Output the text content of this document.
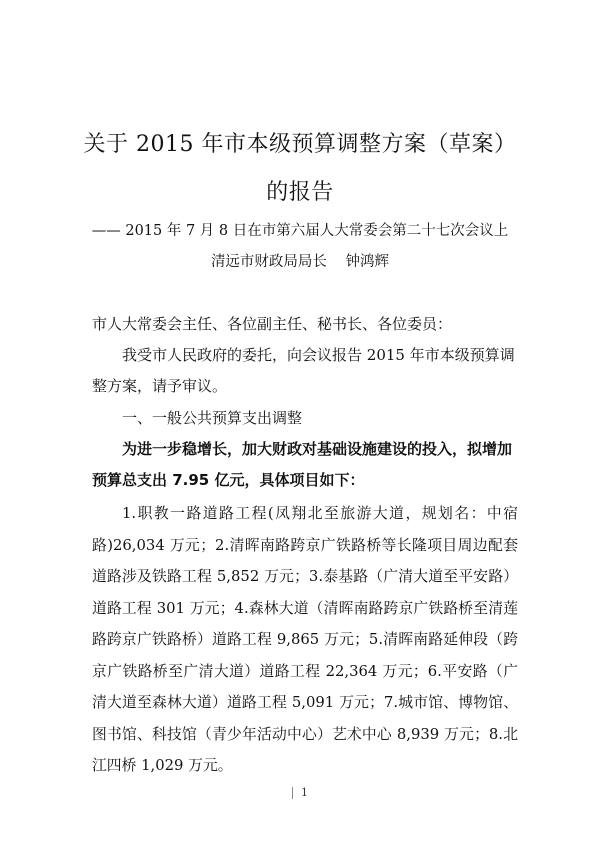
关于 2015 年市本级预算调整方案（草案）
的报告
—— 2015 年 7 月 8 日在市第六届人大常委会第二十七次会议上
清远市财政局局长 钟鸿辉
市人大常委会主任、各位副主任、秘书长、各位委员：
我受市人民政府的委托，向会议报告 2015 年市本级预算调整方案，请予审议。
一、一般公共预算支出调整
为进一步稳增长，加大财政对基础设施建设的投入，拟增加预算总支出 7.95 亿元，具体项目如下：
1.职教一路道路工程(凤翔北至旅游大道，规划名：中宿路)26,034 万元；2.清晖南路跨京广铁路桥等长隆项目周边配套道路涉及铁路工程 5,852 万元；3.泰基路（广清大道至平安路）道路工程 301 万元；4.森林大道（清晖南路跨京广铁路桥至清莲路跨京广铁路桥）道路工程 9,865 万元；5.清晖南路延伸段（跨京广铁路桥至广清大道）道路工程 22,364 万元；6.平安路（广清大道至森林大道）道路工程 5,091 万元；7.城市馆、博物馆、图书馆、科技馆（青少年活动中心）艺术中心 8,939 万元；8.北江四桥 1,029 万元。
1
